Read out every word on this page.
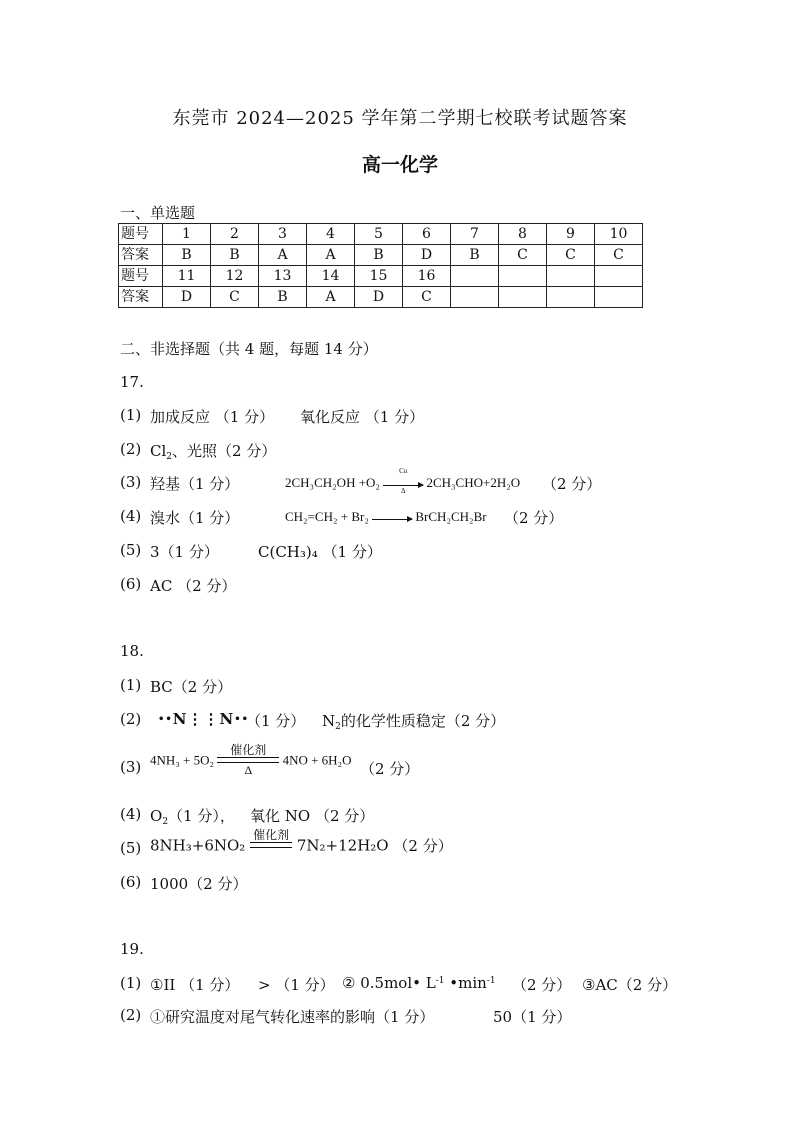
东莞市 2024—2025 学年第二学期七校联考试题答案
高一化学
一、单选题
题号	1	2	3	4	5	6	7	8	9	10
答案	B	B	A	A	B	D	B	C	C	C
题号	11	12	13	14	15	16				
答案	D	C	B	A	D	C				
二、非选择题（共 4 题，每题 14 分）
17.
(1) 加成反应 （1 分） 氧化反应 （1 分）
(2) $Cl_2$、光照（2 分）
(3) 羟基（1 分）	$2CH_3CH_2OH +O_2 \frac{Cu}{\Delta} 2CH_3CHO+2H_2O$ （2 分）
(4) 溴水（1 分）	CH₂=CH₂ + Br₂ → BrCH₂CH₂Br （2 分）
(5) 3（1 分）	C(CH₃)₄ （1 分）
(6) AC （2 分）
18.
(1) BC（2 分）
(2) ••N⋮⋮N••
（1 分） $N_2$的化学性质稳定（2 分）
(3) 4NH₃ + 5O₂
催化剂
Δ
4NO + 6H₂O （2 分）
(4) $O_2(1$ 分）， 氧化 NO （2 分）
(5) 8NH₃+6NO₂
催化剂

7N₂+12H₂O （2 分）
(6) 1000（2 分）
19.
(1) ①II （1 分） > （1 分） ② 0.5mol• $L^{-1}$ $•\min^{-1}$ （2 分） ③AC（2 分）
(2) ①研究温度对尾气转化速率的影响（1 分）	50（1 分）
